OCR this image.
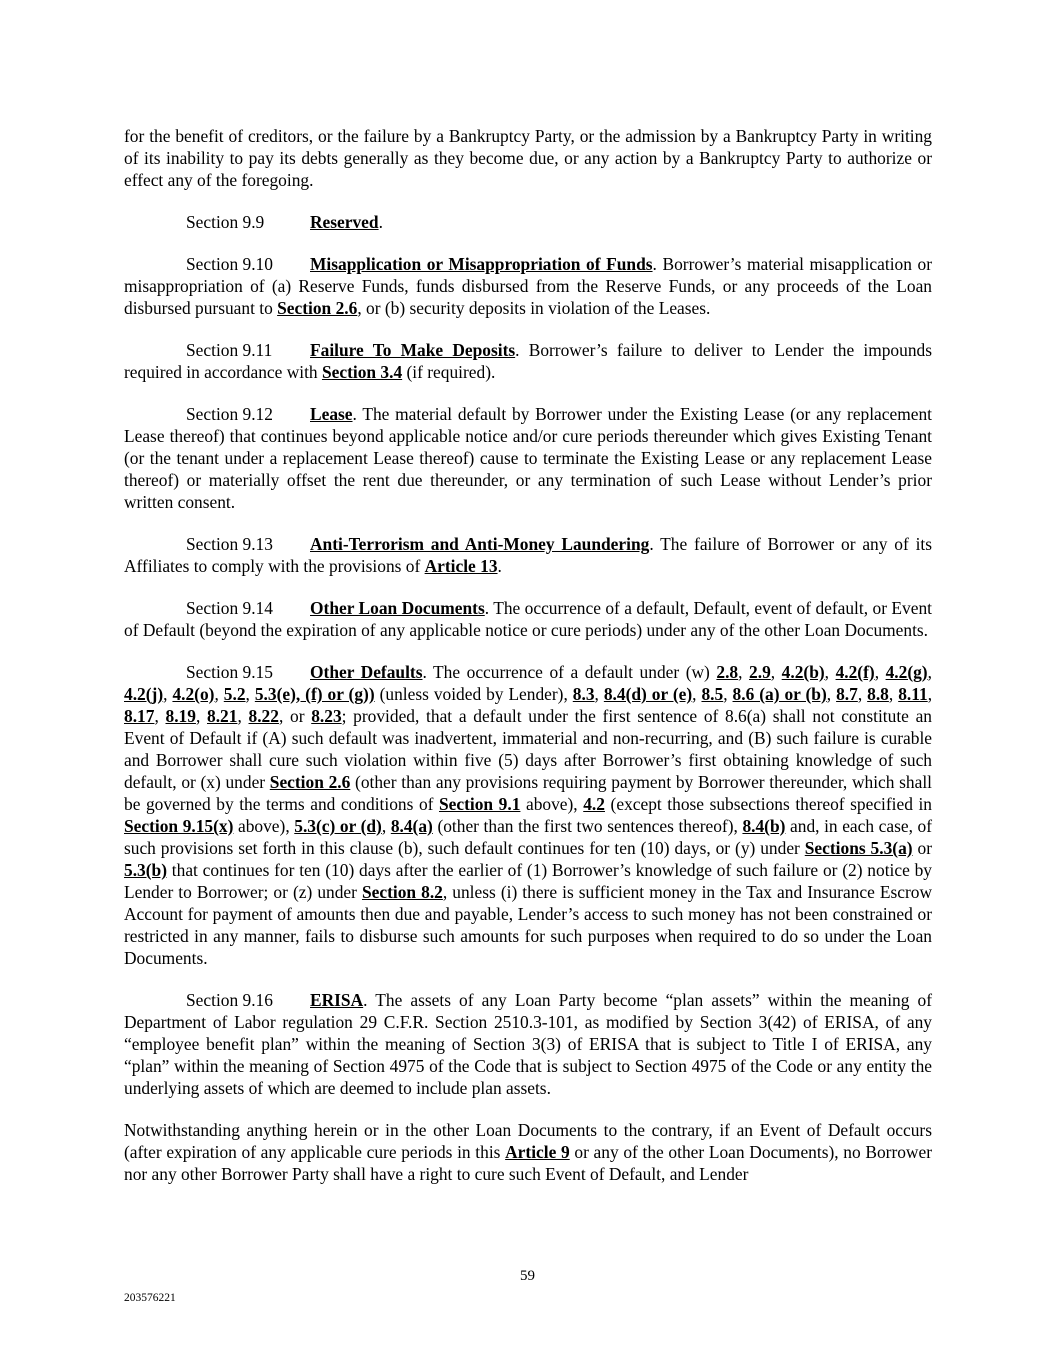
for the benefit of creditors, or the failure by a Bankruptcy Party, or the admission by a Bankruptcy Party in writing of its inability to pay its debts generally as they become due, or any action by a Bankruptcy Party to authorize or effect any of the foregoing.

Section 9.9	Reserved.

Section 9.10 Misapplication or Misappropriation of Funds. Borrower’s material misapplication or misappropriation of (a) Reserve Funds, funds disbursed from the Reserve Funds, or any proceeds of the Loan disbursed pursuant to Section 2.6, or (b) security deposits in violation of the Leases.

Section 9.11 Failure To Make Deposits. Borrower’s failure to deliver to Lender the impounds required in accordance with Section 3.4 (if required).

Section 9.12 Lease. The material default by Borrower under the Existing Lease (or any replacement Lease thereof) that continues beyond applicable notice and/or cure periods thereunder which gives Existing Tenant (or the tenant under a replacement Lease thereof) cause to terminate the Existing Lease or any replacement Lease thereof) or materially offset the rent due thereunder, or any termination of such Lease without Lender’s prior written consent.

Section 9.13 Anti-Terrorism and Anti-Money Laundering. The failure of Borrower or any of its Affiliates to comply with the provisions of Article 13.

Section 9.14 Other Loan Documents. The occurrence of a default, Default, event of default, or Event of Default (beyond the expiration of any applicable notice or cure periods) under any of the other Loan Documents.

Section 9.15 Other Defaults. The occurrence of a default under (w) 2.8, 2.9, 4.2(b), 4.2(f), 4.2(g), 4.2(j), 4.2(o), 5.2, 5.3(e), (f) or (g)) (unless voided by Lender), 8.3, 8.4(d) or (e), 8.5, 8.6 (a) or (b), 8.7, 8.8, 8.11, 8.17, 8.19, 8.21, 8.22, or 8.23; provided, that a default under the first sentence of 8.6(a) shall not constitute an Event of Default if (A) such default was inadvertent, immaterial and non-recurring, and (B) such failure is curable and Borrower shall cure such violation within five (5) days after Borrower’s first obtaining knowledge of such default, or (x) under Section 2.6 (other than any provisions requiring payment by Borrower thereunder, which shall be governed by the terms and conditions of Section 9.1 above), 4.2 (except those subsections thereof specified in Section 9.15(x) above), 5.3(c) or (d), 8.4(a) (other than the first two sentences thereof), 8.4(b) and, in each case, of such provisions set forth in this clause (b), such default continues for ten (10) days, or (y) under Sections 5.3(a) or 5.3(b) that continues for ten (10) days after the earlier of (1) Borrower’s knowledge of such failure or (2) notice by Lender to Borrower; or (z) under Section 8.2, unless (i) there is sufficient money in the Tax and Insurance Escrow Account for payment of amounts then due and payable, Lender’s access to such money has not been constrained or restricted in any manner, fails to disburse such amounts for such purposes when required to do so under the Loan Documents.

Section 9.16 ERISA. The assets of any Loan Party become “plan assets” within the meaning of Department of Labor regulation 29 C.F.R. Section 2510.3-101, as modified by Section 3(42) of ERISA, of any “employee benefit plan” within the meaning of Section 3(3) of ERISA that is subject to Title I of ERISA, any “plan” within the meaning of Section 4975 of the Code that is subject to Section 4975 of the Code or any entity the underlying assets of which are deemed to include plan assets.

Notwithstanding anything herein or in the other Loan Documents to the contrary, if an Event of Default occurs (after expiration of any applicable cure periods in this Article 9 or any of the other Loan Documents), no Borrower nor any other Borrower Party shall have a right to cure such Event of Default, and Lender

59
203576221
